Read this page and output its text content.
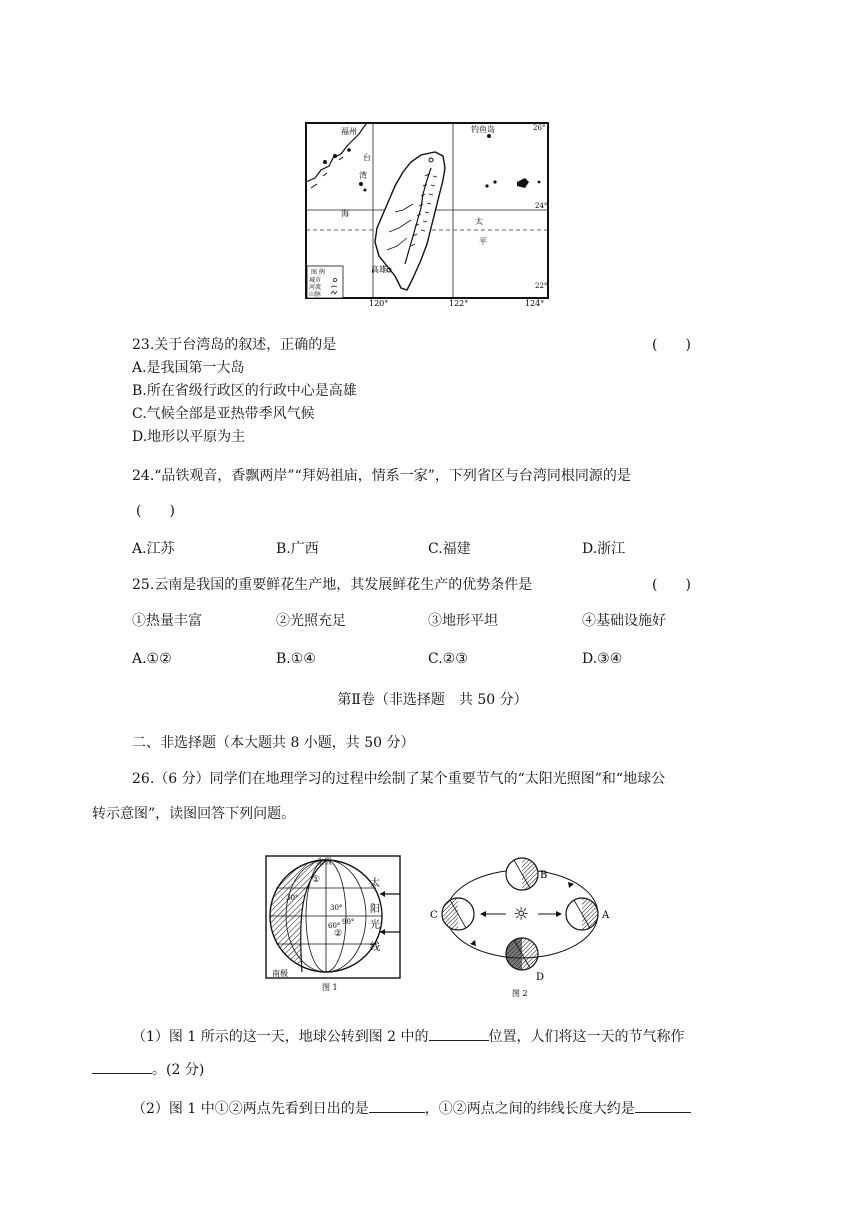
台
湾
海
太
平
福州	钓鱼岛
高雄
26°
24°
22°
120°	122°	124°
图 例
城市
河流
山脉
23.关于台湾岛的叙述，正确的是	(　　)
A.是我国第一大岛
B.所在省级行政区的行政中心是高雄
C.气候全部是亚热带季风气候
D.地形以平原为主
24.“品铁观音，香飘两岸”“拜妈祖庙，情系一家”，下列省区与台湾同根同源的是
(　　)
A.江苏	B.广西	C.福建	D.浙江
25.云南是我国的重要鲜花生产地，其发展鲜花生产的优势条件是	(　　)
①热量丰富	②光照充足	③地形平坦	④基础设施好
A.①②	B.①④	C.②③	D.③④
第Ⅱ卷（非选择题　共 50 分）
二、非选择题（本大题共 8 小题，共 50 分）
26.（6 分）同学们在地理学习的过程中绘制了某个重要节气的“太阳光照图”和“地球公
转示意图”，读图回答下列问题。
北极
南极
30°
60° 90°
30°
①
②
太
阳
光
线
图 1
☼
B
C	A
D
图 2
（1）图 1 所示的这一天，地球公转到图 2 中的	位置，人们将这一天的节气称作
。(2 分)
（2）图 1 中①②两点先看到日出的是	，①②两点之间的纬线长度大约是
